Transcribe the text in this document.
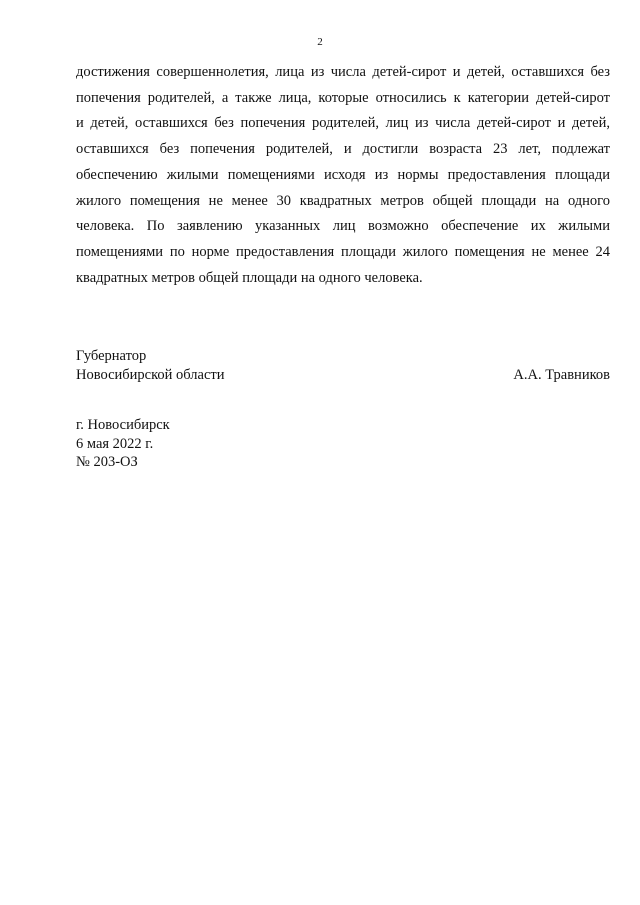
2
достижения совершеннолетия, лица из числа детей-сирот и детей, оставшихся без
попечения родителей, а также лица, которые относились к категории детей-сирот
и детей, оставшихся без попечения родителей, лиц из числа детей-сирот и детей,
оставшихся без попечения родителей, и достигли возраста 23 лет, подлежат
обеспечению жилыми помещениями исходя из нормы предоставления площади
жилого помещения не менее 30 квадратных метров общей площади на одного
человека. По заявлению указанных лиц возможно обеспечение их жилыми
помещениями по норме предоставления площади жилого помещения не менее 24
квадратных метров общей площади на одного человека.
Губернатор
Новосибирской области	А.А. Травников
г. Новосибирск
6 мая 2022 г.
№ 203-ОЗ
